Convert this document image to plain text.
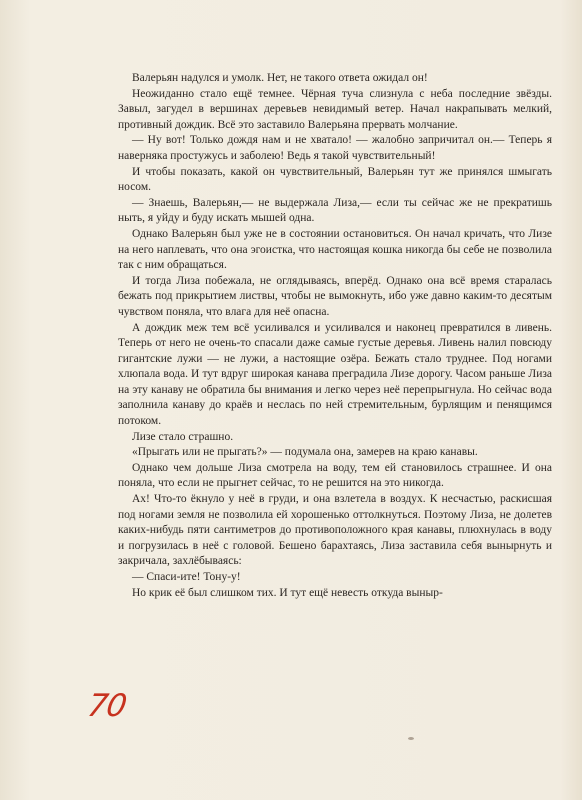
Валерьян надулся и умолк. Нет, не такого ответа ожидал он!

Неожиданно стало ещё темнее. Чёрная туча слизнула с неба последние звёзды. Завыл, загудел в вершинах деревьев невидимый ветер. Начал накрапывать мелкий, противный дождик. Всё это заставило Валерьяна прервать молчание.

— Ну вот! Только дождя нам и не хватало! — жалобно запричитал он.— Теперь я наверняка простужусь и заболею! Ведь я такой чувствительный!

И чтобы показать, какой он чувствительный, Валерьян тут же принялся шмыгать носом.

— Знаешь, Валерьян,— не выдержала Лиза,— если ты сейчас же не прекратишь ныть, я уйду и буду искать мышей одна.

Однако Валерьян был уже не в состоянии остановиться. Он начал кричать, что Лизе на него наплевать, что она эгоистка, что настоящая кошка никогда бы себе не позволила так с ним обращаться.

И тогда Лиза побежала, не оглядываясь, вперёд. Однако она всё время старалась бежать под прикрытием листвы, чтобы не вымокнуть, ибо уже давно каким-то десятым чувством поняла, что влага для неё опасна.

А дождик меж тем всё усиливался и усиливался и наконец превратился в ливень. Теперь от него не очень-то спасали даже самые густые деревья. Ливень налил повсюду гигантские лужи — не лужи, а настоящие озёра. Бежать стало труднее. Под ногами хлюпала вода. И тут вдруг широкая канава преградила Лизе дорогу. Часом раньше Лиза на эту канаву не обратила бы внимания и легко через неё перепрыгнула. Но сейчас вода заполнила канаву до краёв и неслась по ней стремительным, бурлящим и пенящимся потоком.

Лизе стало страшно.

«Прыгать или не прыгать?» — подумала она, замерев на краю канавы.

Однако чем дольше Лиза смотрела на воду, тем ей становилось страшнее. И она поняла, что если не прыгнет сейчас, то не решится на это никогда.

Ах! Что-то ёкнуло у неё в груди, и она взлетела в воздух. К несчастью, раскисшая под ногами земля не позволила ей хорошенько оттолкнуться. Поэтому Лиза, не долетев каких-нибудь пяти сантиметров до противоположного края канавы, плюхнулась в воду и погрузилась в неё с головой. Бешено барахтаясь, Лиза заставила себя вынырнуть и закричала, захлёбываясь:

— Спаси-ите! Тону-у!

Но крик её был слишком тих. И тут ещё невесть откуда выныр-

70
